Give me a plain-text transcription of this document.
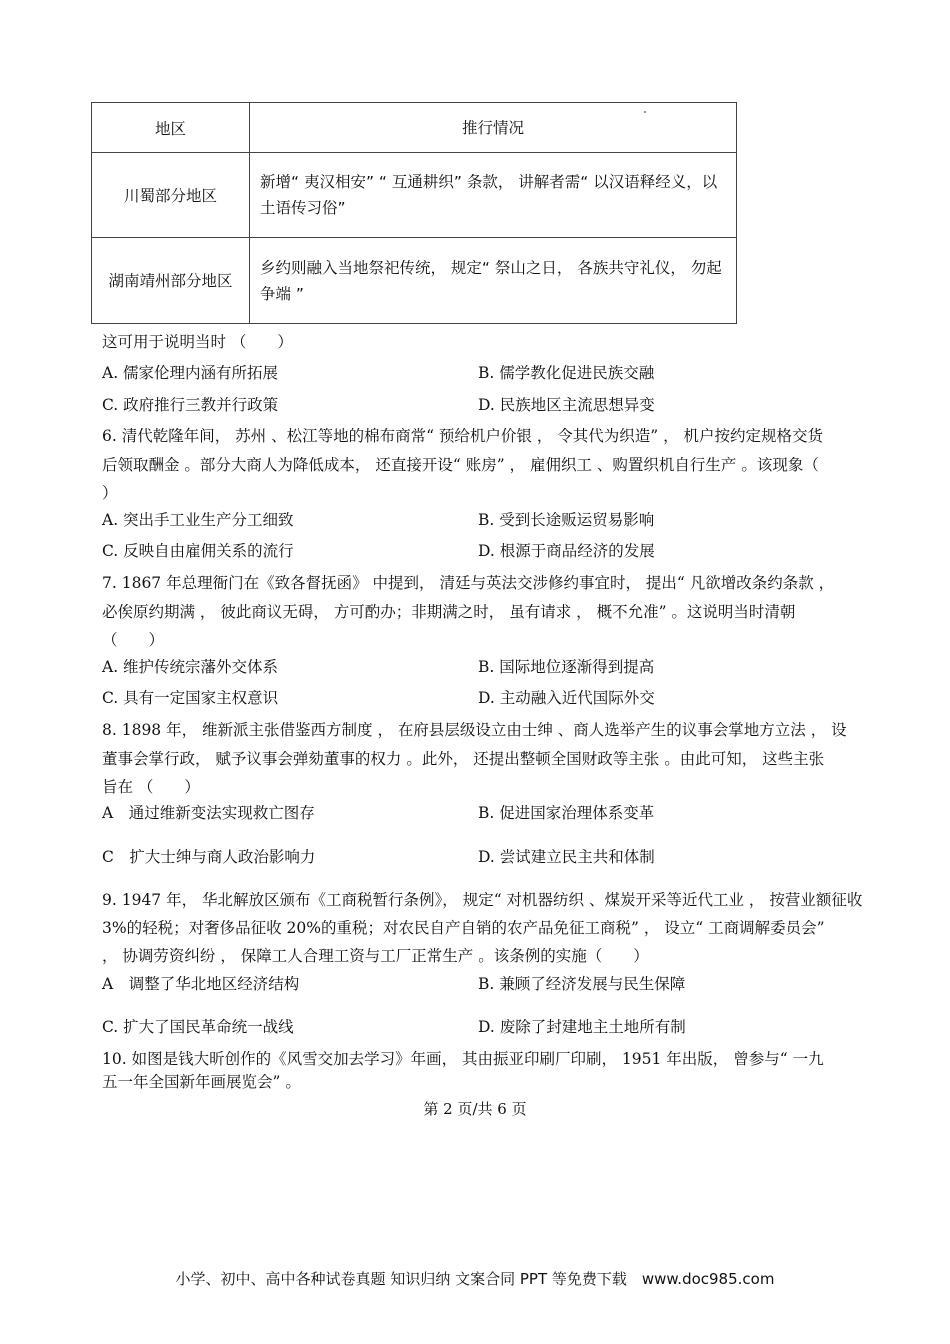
地区	推行情况
川蜀部分地区	新增“ 夷汉相安” “ 互通耕织” 条款， 讲解者需“ 以汉语释经义，以土语传习俗”
湖南靖州部分地区	乡约则融入当地祭祀传统， 规定“ 祭山之日， 各族共守礼仪， 勿起争端 ”
这可用于说明当时 （　　）
A. 儒家伦理内涵有所拓展	B. 儒学教化促进民族交融
C. 政府推行三教并行政策	D. 民族地区主流思想异变
6. 清代乾隆年间， 苏州 、松江等地的棉布商常“ 预给机户价银 ， 令其代为织造” ， 机户按约定规格交货
后领取酬金 。部分大商人为降低成本， 还直接开设“ 账房” ， 雇佣织工 、购置织机自行生产 。该现象（
）
A. 突出手工业生产分工细致	B. 受到长途贩运贸易影响
C. 反映自由雇佣关系的流行	D. 根源于商品经济的发展
7. 1867 年总理衙门在《致各督抚函》 中提到， 清廷与英法交涉修约事宜时， 提出“ 凡欲增改条约条款 ，
必俟原约期满 ， 彼此商议无碍， 方可酌办；非期满之时， 虽有请求 ， 概不允准” 。这说明当时清朝
（　　）
A. 维护传统宗藩外交体系	B. 国际地位逐渐得到提高
C. 具有一定国家主权意识	D. 主动融入近代国际外交
8. 1898 年， 维新派主张借鉴西方制度 ， 在府县层级设立由士绅 、商人选举产生的议事会掌地方立法 ， 设
董事会掌行政， 赋予议事会弹劾董事的权力 。此外， 还提出整顿全国财政等主张 。由此可知， 这些主张
旨在 （　　）
A　通过维新变法实现救亡图存	B. 促进国家治理体系变革
C　扩大士绅与商人政治影响力	D. 尝试建立民主共和体制
9. 1947 年， 华北解放区颁布《工商税暂行条例》， 规定“ 对机器纺织 、煤炭开采等近代工业 ， 按营业额征收
3%的轻税；对奢侈品征收 20%的重税；对农民自产自销的农产品免征工商税” ， 设立“ 工商调解委员会”
， 协调劳资纠纷 ， 保障工人合理工资与工厂正常生产 。该条例的实施（　　）
A　调整了华北地区经济结构	B. 兼顾了经济发展与民生保障
C. 扩大了国民革命统一战线	D. 废除了封建地主土地所有制
10. 如图是钱大昕创作的《风雪交加去学习》年画， 其由振亚印刷厂印刷， 1951 年出版， 曾参与“ 一九
五一年全国新年画展览会” 。
第 2 页/共 6 页
小学、初中、高中各种试卷真题 知识归纳 文案合同 PPT 等免费下载　www.doc985.com
